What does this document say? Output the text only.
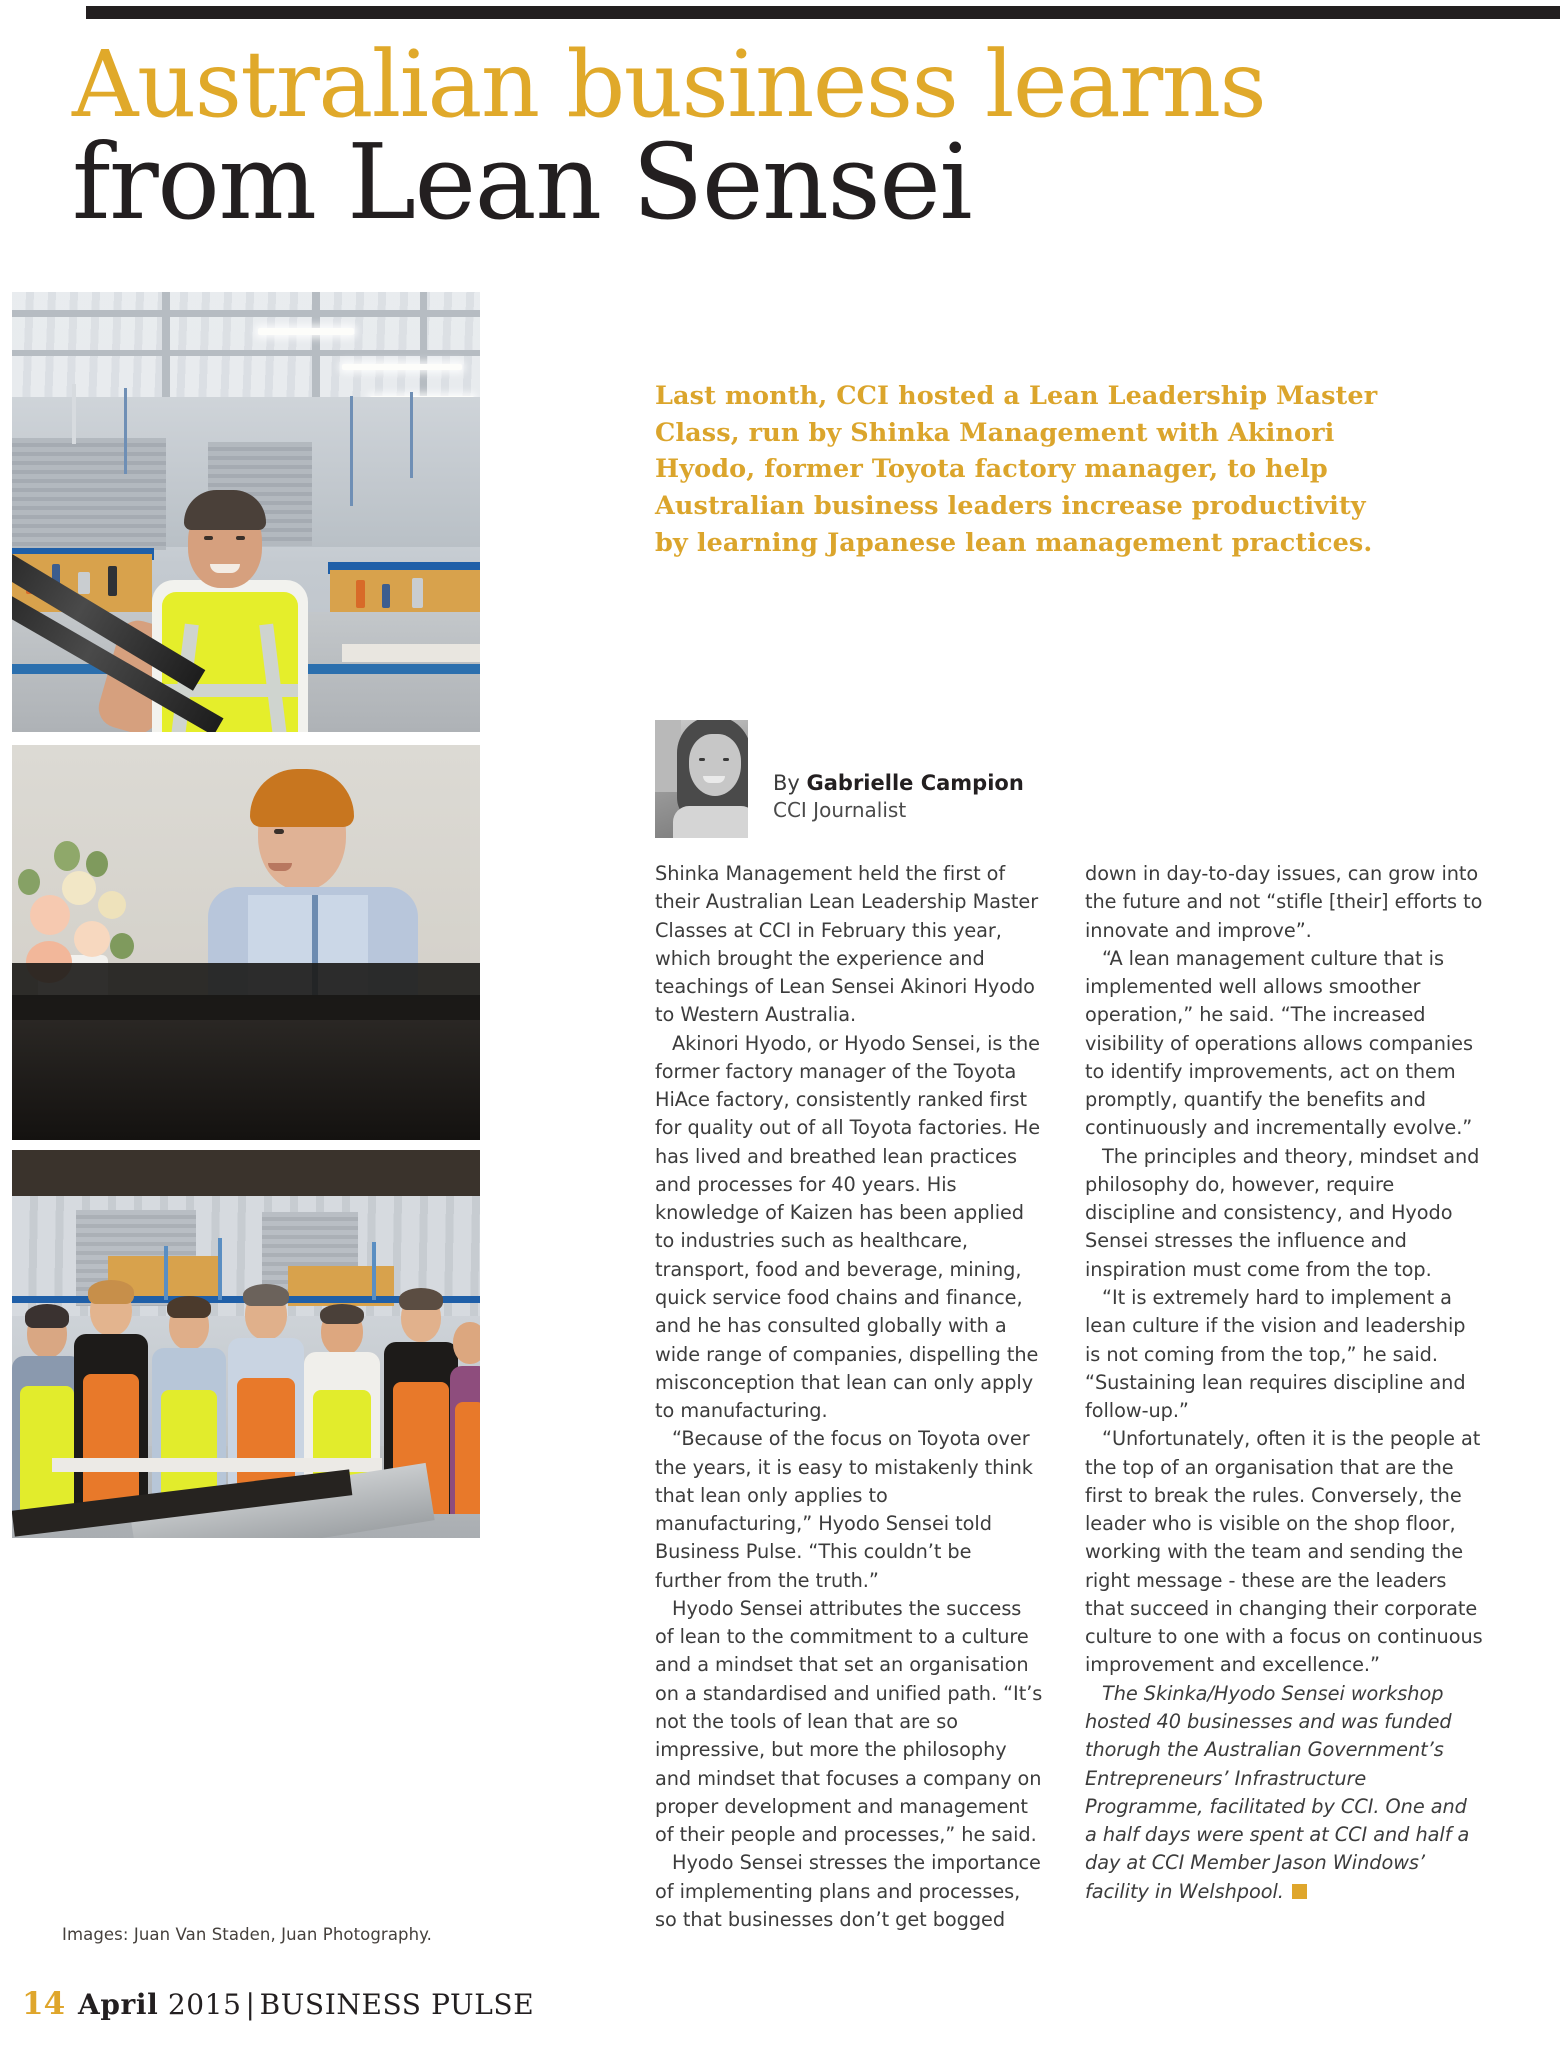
Australian business learns
from Lean Sensei
Last month, CCI hosted a Lean Leadership Master Class, run by Shinka Management with Akinori Hyodo, former Toyota factory manager, to help Australian business leaders increase productivity by learning Japanese lean management practices.
By Gabrielle Campion
CCI Journalist

Shinka Management held the first of their Australian Lean Leadership Master Classes at CCI in February this year, which brought the experience and teachings of Lean Sensei Akinori Hyodo to Western Australia.

Akinori Hyodo, or Hyodo Sensei, is the former factory manager of the Toyota HiAce factory, consistently ranked first for quality out of all Toyota factories. He has lived and breathed lean practices and processes for 40 years. His knowledge of Kaizen has been applied to industries such as healthcare, transport, food and beverage, mining, quick service food chains and finance, and he has consulted globally with a wide range of companies, dispelling the misconception that lean can only apply to manufacturing.

“Because of the focus on Toyota over the years, it is easy to mistakenly think that lean only applies to manufacturing,” Hyodo Sensei told Business Pulse. “This couldn’t be further from the truth.”

Hyodo Sensei attributes the success of lean to the commitment to a culture and a mindset that set an organisation on a standardised and unified path. “It’s not the tools of lean that are so impressive, but more the philosophy and mindset that focuses a company on proper development and management of their people and processes,” he said.

Hyodo Sensei stresses the importance of implementing plans and processes, so that businesses don’t get bogged

down in day-to-day issues, can grow into the future and not “stifle [their] efforts to innovate and improve”.

“A lean management culture that is implemented well allows smoother operation,” he said. “The increased visibility of operations allows companies to identify improvements, act on them promptly, quantify the benefits and continuously and incrementally evolve.”

The principles and theory, mindset and philosophy do, however, require discipline and consistency, and Hyodo Sensei stresses the influence and inspiration must come from the top.

“It is extremely hard to implement a lean culture if the vision and leadership is not coming from the top,” he said. “Sustaining lean requires discipline and follow-up.”

“Unfortunately, often it is the people at the top of an organisation that are the first to break the rules. Conversely, the leader who is visible on the shop floor, working with the team and sending the right message - these are the leaders that succeed in changing their corporate culture to one with a focus on continuous improvement and excellence.”

The Skinka/Hyodo Sensei workshop hosted 40 businesses and was funded thorugh the Australian Government’s Entrepreneurs’ Infrastructure Programme, facilitated by CCI. One and a half days were spent at CCI and half a day at CCI Member Jason Windows’ facility in Welshpool.

Images: Juan Van Staden, Juan Photography.
14 April 2015 | BUSINESS PULSE
